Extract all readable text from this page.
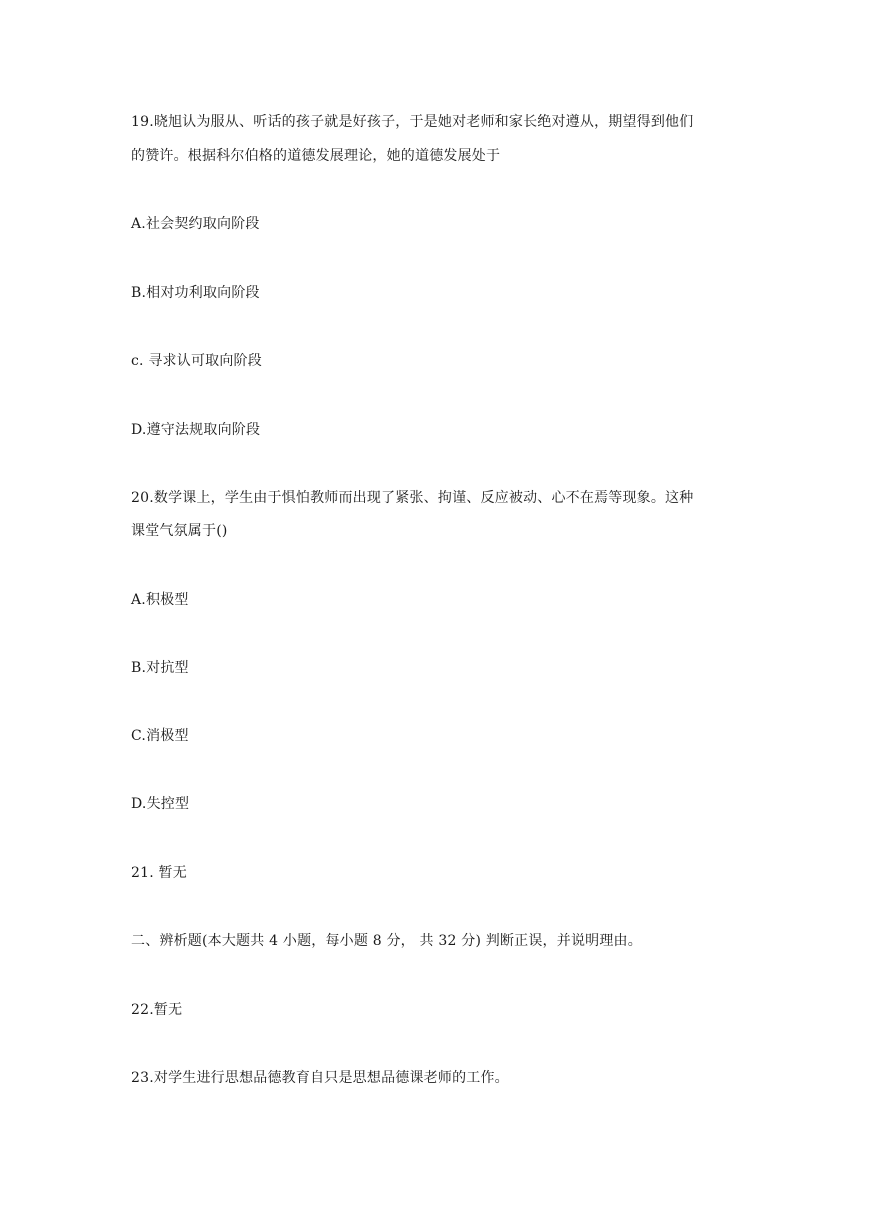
19.晓旭认为服从、听话的孩子就是好孩子，于是她对老师和家长绝对遵从，期望得到他们
的赞许。根据科尔伯格的道德发展理论，她的道德发展处于
A.社会契约取向阶段
B.相对功利取向阶段
c. 寻求认可取向阶段
D.遵守法规取向阶段
20.数学课上，学生由于惧怕教师而出现了紧张、拘谨、反应被动、心不在焉等现象。这种
课堂气氛属于()
A.积极型
B.对抗型
C.消极型
D.失控型
21. 暂无
二、辨析题(本大题共 4 小题，每小题 8 分， 共 32 分) 判断正误，并说明理由。
22.暂无
23.对学生进行思想品德教育自只是思想品德课老师的工作。
